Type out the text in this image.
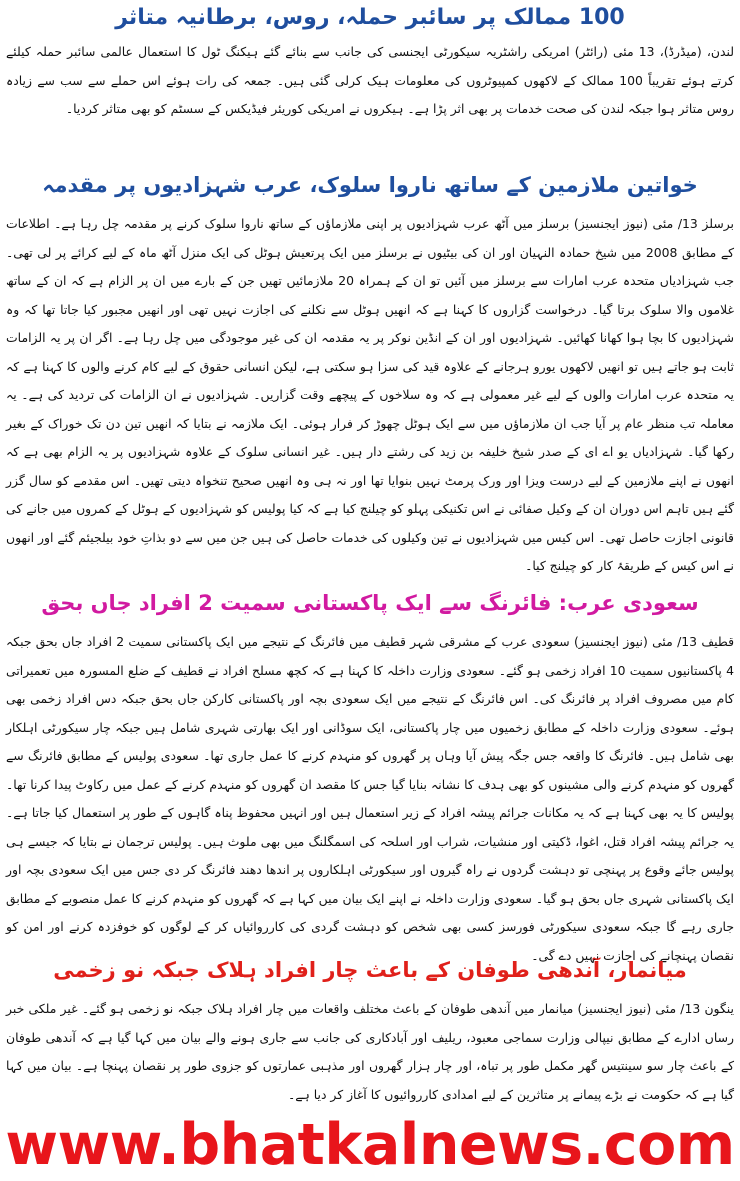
100 ممالک پر سائبر حملہ، روس، برطانیہ متاثر

لندن، (میڈرڈ)، 13 مئی (رائٹر) امریکی راشٹریہ سیکورٹی ایجنسی کی جانب سے بنائے گئے ہیکنگ ٹول کا استعمال عالمی سائبر حملہ کیلئے کرتے ہوئے تقریباً 100 ممالک کے لاکھوں کمپیوٹروں کی معلومات ہیک کرلی گئی ہیں۔ جمعہ کی رات ہوئے اس حملے سے سب سے زیادہ روس متاثر ہوا جبکہ لندن کی صحت خدمات پر بھی اثر پڑا ہے۔ ہیکروں نے امریکی کوریئر فیڈیکس کے سسٹم کو بھی متاثر کردیا۔

خواتین ملازمین کے ساتھ ناروا سلوک، عرب شہزادیوں پر مقدمہ

برسلز 13/ مئی (نیوز ایجنسیز) برسلز میں آٹھ عرب شہزادیوں پر اپنی ملازماؤں کے ساتھ ناروا سلوک کرنے پر مقدمہ چل رہا ہے۔ اطلاعات کے مطابق 2008 میں شیخ حمادہ النہیان اور ان کی بیٹیوں نے برسلز میں ایک پرتعیش ہوٹل کی ایک منزل آٹھ ماہ کے لیے کرائے پر لی تھی۔ جب شہزادیاں متحدہ عرب امارات سے برسلز میں آئیں تو ان کے ہمراہ 20 ملازمائیں تھیں جن کے بارے میں ان پر الزام ہے کہ ان کے ساتھ غلاموں والا سلوک برتا گیا۔ درخواست گزاروں کا کہنا ہے کہ انھیں ہوٹل سے نکلنے کی اجازت نہیں تھی اور انھیں مجبور کیا جاتا تھا کہ وہ شہزادیوں کا بچا ہوا کھانا کھائیں۔ شہزادیوں اور ان کے انڈین نوکر پر یہ مقدمہ ان کی غیر موجودگی میں چل رہا ہے۔ اگر ان پر یہ الزامات ثابت ہو جاتے ہیں تو انھیں لاکھوں یورو ہرجانے کے علاوہ قید کی سزا ہو سکتی ہے، لیکن انسانی حقوق کے لیے کام کرنے والوں کا کہنا ہے کہ یہ متحدہ عرب امارات والوں کے لیے غیر معمولی ہے کہ وہ سلاخوں کے پیچھے وقت گزاریں۔ شہزادیوں نے ان الزامات کی تردید کی ہے۔ یہ معاملہ تب منظر عام پر آیا جب ان ملازماؤں میں سے ایک ہوٹل چھوڑ کر فرار ہوئی۔ ایک ملازمہ نے بتایا کہ انھیں تین دن تک خوراک کے بغیر رکھا گیا۔ شہزادیاں یو اے ای کے صدر شیخ خلیفہ بن زید کی رشتے دار ہیں۔ غیر انسانی سلوک کے علاوہ شہزادیوں پر یہ الزام بھی ہے کہ انھوں نے اپنے ملازمین کے لیے درست ویزا اور ورک پرمٹ نہیں بنوایا تھا اور نہ ہی وہ انھیں صحیح تنخواہ دیتی تھیں۔ اس مقدمے کو سال گزر گئے ہیں تاہم اس دوران ان کے وکیل صفائی نے اس تکنیکی پہلو کو چیلنج کیا ہے کہ کیا پولیس کو شہزادیوں کے ہوٹل کے کمروں میں جانے کی قانونی اجازت حاصل تھی۔ اس کیس میں شہزادیوں نے تین وکیلوں کی خدمات حاصل کی ہیں جن میں سے دو بذاتِ خود بیلجیئم گئے اور انھوں نے اس کیس کے طریقۂ کار کو چیلنج کیا۔

سعودی عرب: فائرنگ سے ایک پاکستانی سمیت 2 افراد جاں بحق

قطیف 13/ مئی (نیوز ایجنسیز) سعودی عرب کے مشرقی شہر قطیف میں فائرنگ کے نتیجے میں ایک پاکستانی سمیت 2 افراد جاں بحق جبکہ 4 پاکستانیوں سمیت 10 افراد زخمی ہو گئے۔ سعودی وزارت داخلہ کا کہنا ہے کہ کچھ مسلح افراد نے قطیف کے ضلع المسورہ میں تعمیراتی کام میں مصروف افراد پر فائرنگ کی۔ اس فائرنگ کے نتیجے میں ایک سعودی بچہ اور پاکستانی کارکن جاں بحق جبکہ دس افراد زخمی بھی ہوئے۔ سعودی وزارت داخلہ کے مطابق زخمیوں میں چار پاکستانی، ایک سوڈانی اور ایک بھارتی شہری شامل ہیں جبکہ چار سیکورٹی اہلکار بھی شامل ہیں۔ فائرنگ کا واقعہ جس جگہ پیش آیا وہاں پر گھروں کو منہدم کرنے کا عمل جاری تھا۔ سعودی پولیس کے مطابق فائرنگ سے گھروں کو منہدم کرنے والی مشینوں کو بھی ہدف کا نشانہ بنایا گیا جس کا مقصد ان گھروں کو منہدم کرنے کے عمل میں رکاوٹ پیدا کرنا تھا۔ پولیس کا یہ بھی کہنا ہے کہ یہ مکانات جرائم پیشہ افراد کے زیر استعمال ہیں اور انہیں محفوظ پناہ گاہوں کے طور پر استعمال کیا جاتا ہے۔ یہ جرائم پیشہ افراد قتل، اغوا، ڈکیتی اور منشیات، شراب اور اسلحہ کی اسمگلنگ میں بھی ملوث ہیں۔ پولیس ترجمان نے بتایا کہ جیسے ہی پولیس جائے وقوع پر پہنچی تو دہشت گردوں نے راہ گیروں اور سیکورٹی اہلکاروں پر اندھا دھند فائرنگ کر دی جس میں ایک سعودی بچہ اور ایک پاکستانی شہری جاں بحق ہو گیا۔ سعودی وزارت داخلہ نے اپنے ایک بیان میں کہا ہے کہ گھروں کو منہدم کرنے کا عمل منصوبے کے مطابق جاری رہے گا جبکہ سعودی سیکورٹی فورسز کسی بھی شخص کو دہشت گردی کی کارروائیاں کر کے لوگوں کو خوفزدہ کرنے اور امن کو نقصان پہنچانے کی اجازت نہیں دے گی۔

میانمار، آندھی طوفان کے باعث چار افراد ہلاک جبکہ نو زخمی

ینگون 13/ مئی (نیوز ایجنسیز) میانمار میں آندھی طوفان کے باعث مختلف واقعات میں چار افراد ہلاک جبکہ نو زخمی ہو گئے۔ غیر ملکی خبر رساں ادارے کے مطابق نیپالی وزارت سماجی معبود، ریلیف اور آبادکاری کی جانب سے جاری ہونے والے بیان میں کہا گیا ہے کہ آندھی طوفان کے باعث چار سو سینتیس گھر مکمل طور پر تباہ، اور چار ہزار گھروں اور مذہبی عمارتوں کو جزوی طور پر نقصان پہنچا ہے۔ بیان میں کہا گیا ہے کہ حکومت نے بڑے پیمانے پر متاثرین کے لیے امدادی کارروائیوں کا آغاز کر دیا ہے۔

www.bhatkalnews.com
